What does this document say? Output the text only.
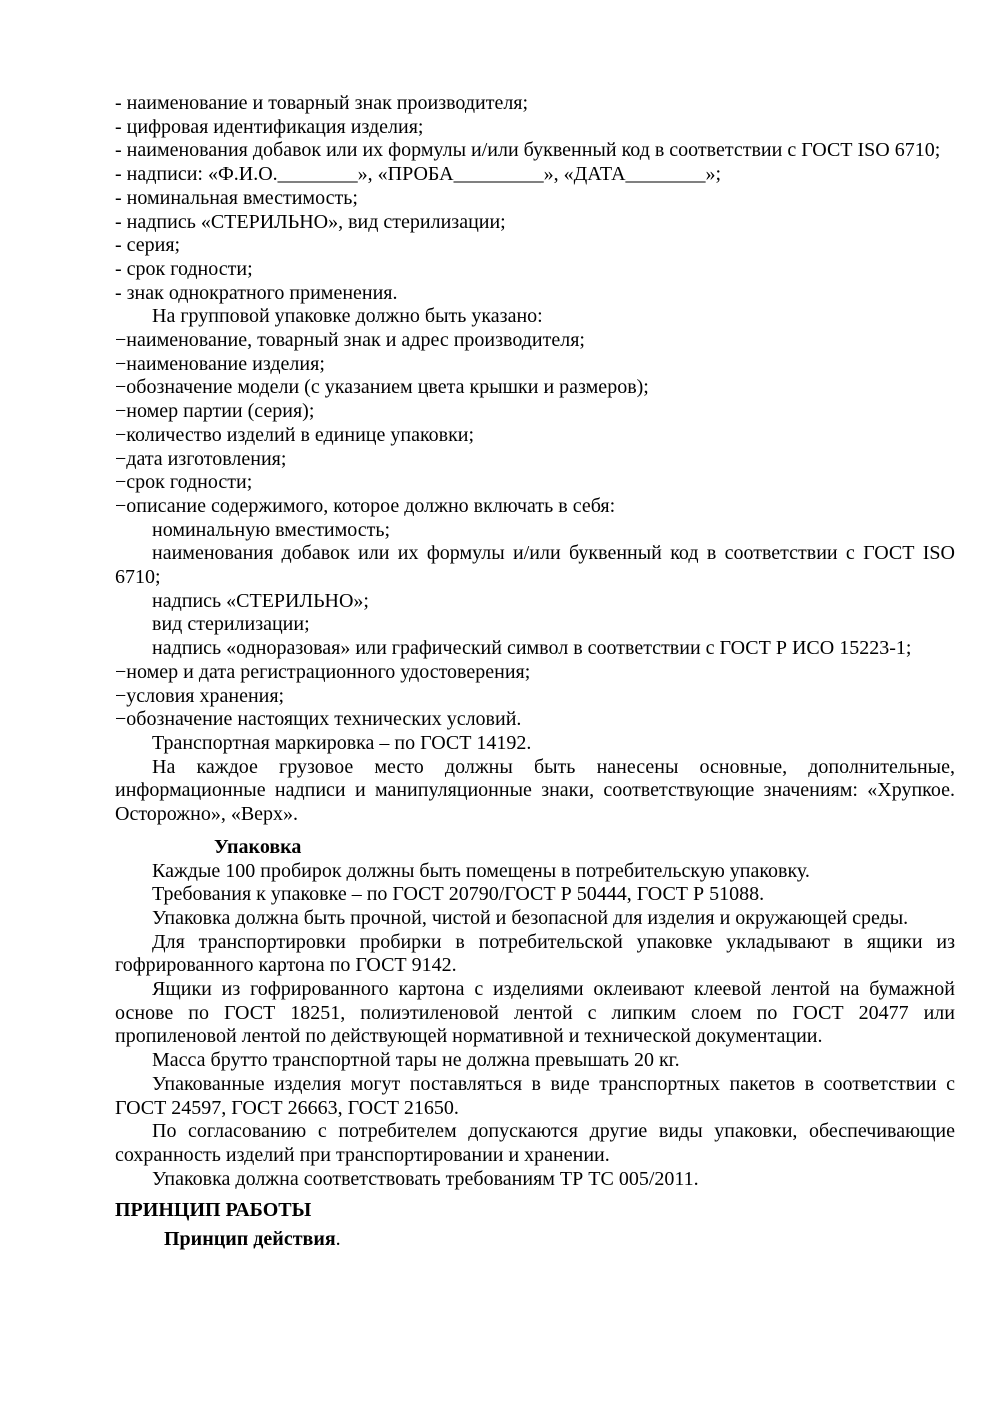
- наименование и товарный знак производителя;
- цифровая идентификация изделия;
- наименования добавок или их формулы и/или буквенный код в соответствии с ГОСТ ISO 6710;
- надписи: «Ф.И.О.________», «ПРОБА_________», «ДАТА________»;
- номинальная вместимость;
- надпись «СТЕРИЛЬНО», вид стерилизации;
- серия;
- срок годности;
- знак однократного применения.
На групповой упаковке должно быть указано:
−наименование, товарный знак и адрес производителя;
−наименование изделия;
−обозначение модели (с указанием цвета крышки и размеров);
−номер партии (серия);
−количество изделий в единице упаковки;
−дата изготовления;
−срок годности;
−описание содержимого, которое должно включать в себя:
номинальную вместимость;
наименования добавок или их формулы и/или буквенный код в соответствии с ГОСТ ISO 6710;
надпись «СТЕРИЛЬНО»;
вид стерилизации;
надпись «одноразовая» или графический символ в соответствии с ГОСТ Р ИСО 15223-1;
−номер и дата регистрационного удостоверения;
−условия хранения;
−обозначение настоящих технических условий.
Транспортная маркировка – по ГОСТ 14192.
На каждое грузовое место должны быть нанесены основные, дополнительные, информационные надписи и манипуляционные знаки, соответствующие значениям: «Хрупкое. Осторожно», «Верх».
Упаковка
Каждые 100 пробирок должны быть помещены в потребительскую упаковку.
Требования к упаковке – по ГОСТ 20790/ГОСТ Р 50444, ГОСТ Р 51088.
Упаковка должна быть прочной, чистой и безопасной для изделия и окружающей среды.
Для транспортировки пробирки в потребительской упаковке укладывают в ящики из гофрированного картона по ГОСТ 9142.
Ящики из гофрированного картона с изделиями оклеивают клеевой лентой на бумажной основе по ГОСТ 18251, полиэтиленовой лентой с липким слоем по ГОСТ 20477 или пропиленовой лентой по действующей нормативной и технической документации.
Масса брутто транспортной тары не должна превышать 20 кг.
Упакованные изделия могут поставляться в виде транспортных пакетов в соответствии с ГОСТ 24597, ГОСТ 26663, ГОСТ 21650.
По согласованию с потребителем допускаются другие виды упаковки, обеспечивающие сохранность изделий при транспортировании и хранении.
Упаковка должна соответствовать требованиям ТР ТС 005/2011.
ПРИНЦИП РАБОТЫ
Принцип действия.
